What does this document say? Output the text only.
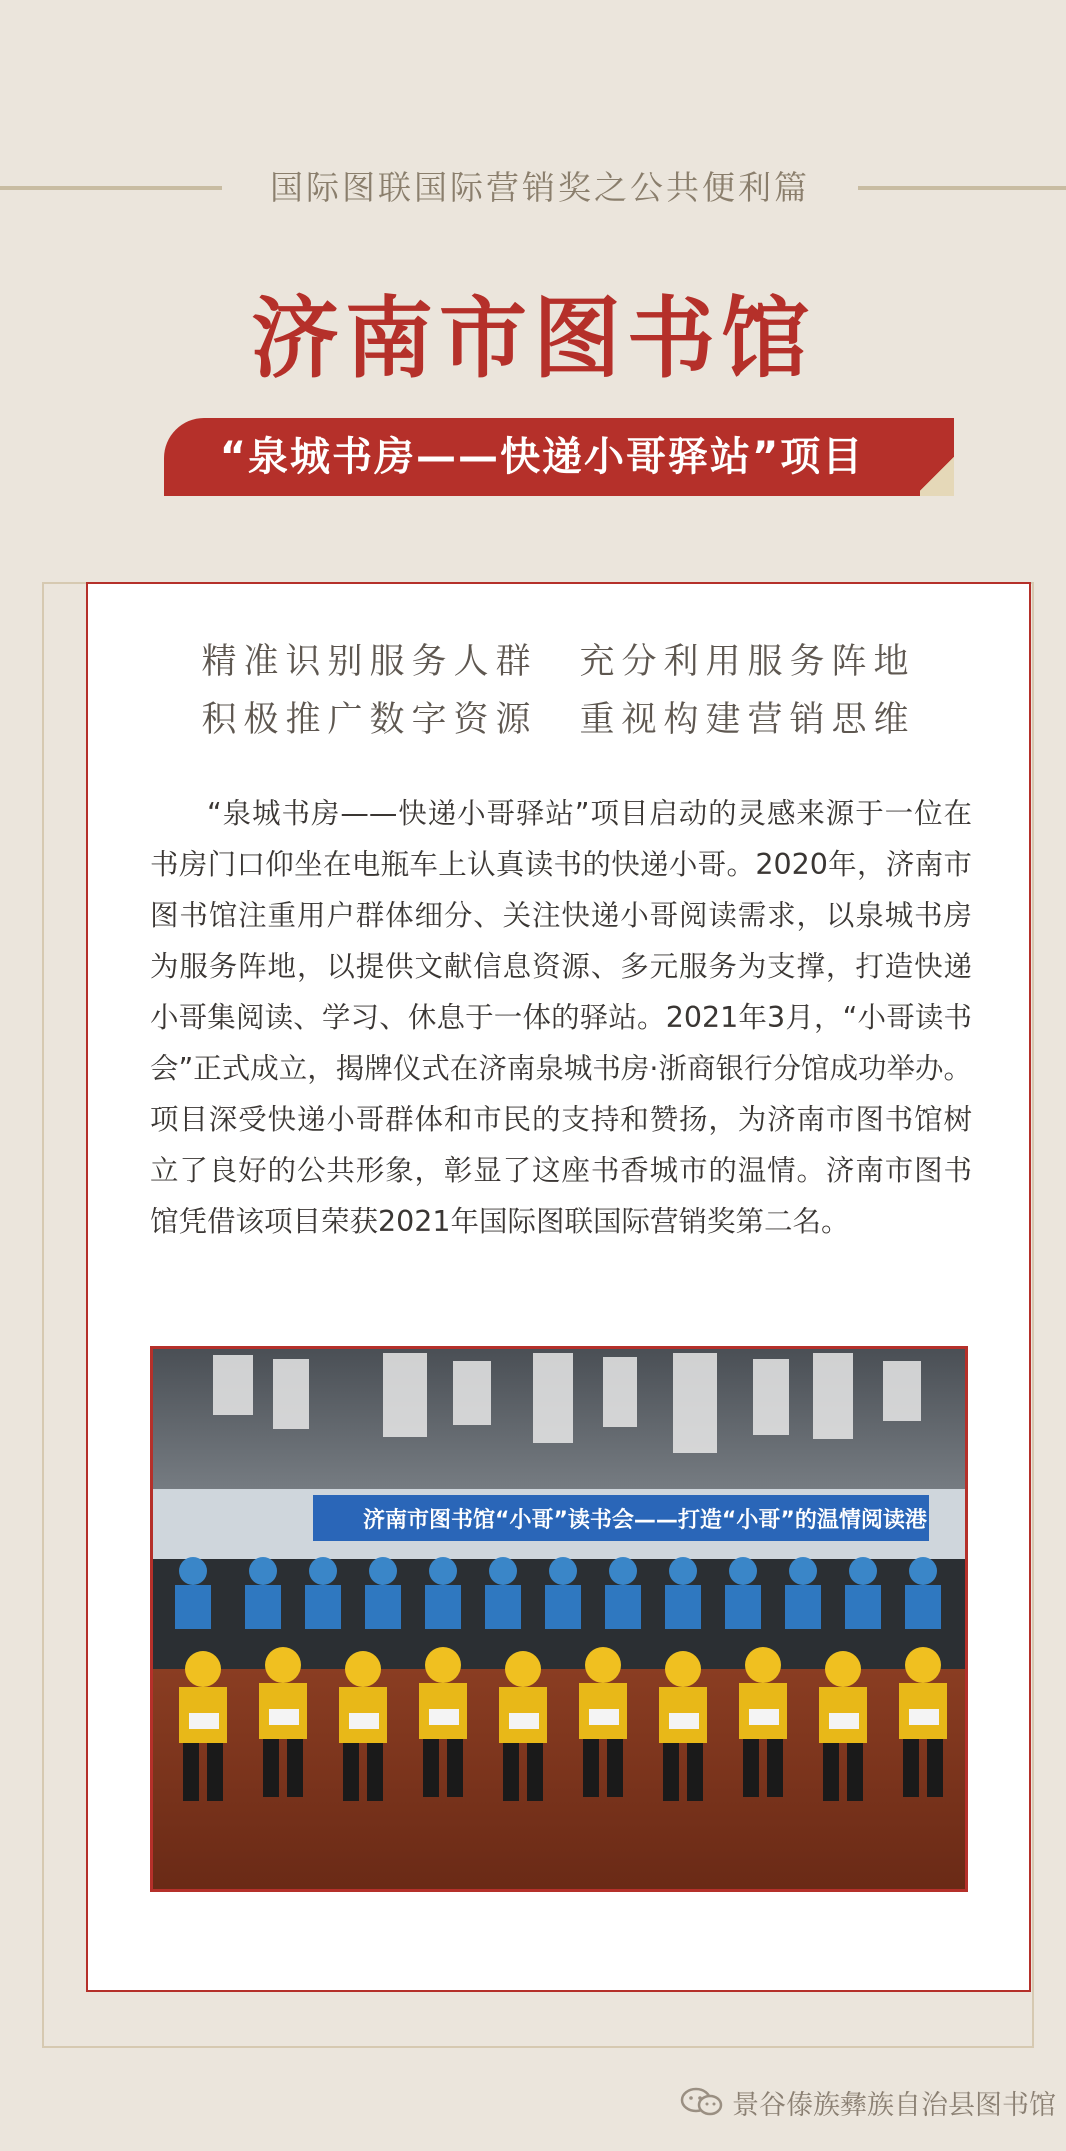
国际图联国际营销奖之公共便利篇
济南市图书馆
“泉城书房——快递小哥驿站”项目
精准识别服务人群　充分利用服务阵地
积极推广数字资源　重视构建营销思维
“泉城书房——快递小哥驿站”项目启动的灵感来源于一位在书房门口仰坐在电瓶车上认真读书的快递小哥。2020年，济南市图书馆注重用户群体细分、关注快递小哥阅读需求，以泉城书房为服务阵地，以提供文献信息资源、多元服务为支撑，打造快递小哥集阅读、学习、休息于一体的驿站。2021年3月，“小哥读书会”正式成立，揭牌仪式在济南泉城书房·浙商银行分馆成功举办。项目深受快递小哥群体和市民的支持和赞扬，为济南市图书馆树立了良好的公共形象，彰显了这座书香城市的温情。济南市图书馆凭借该项目荣获2021年国际图联国际营销奖第二名。
济南市图书馆“小哥”读书会——打造“小哥”的温情阅读港
景谷傣族彝族自治县图书馆
